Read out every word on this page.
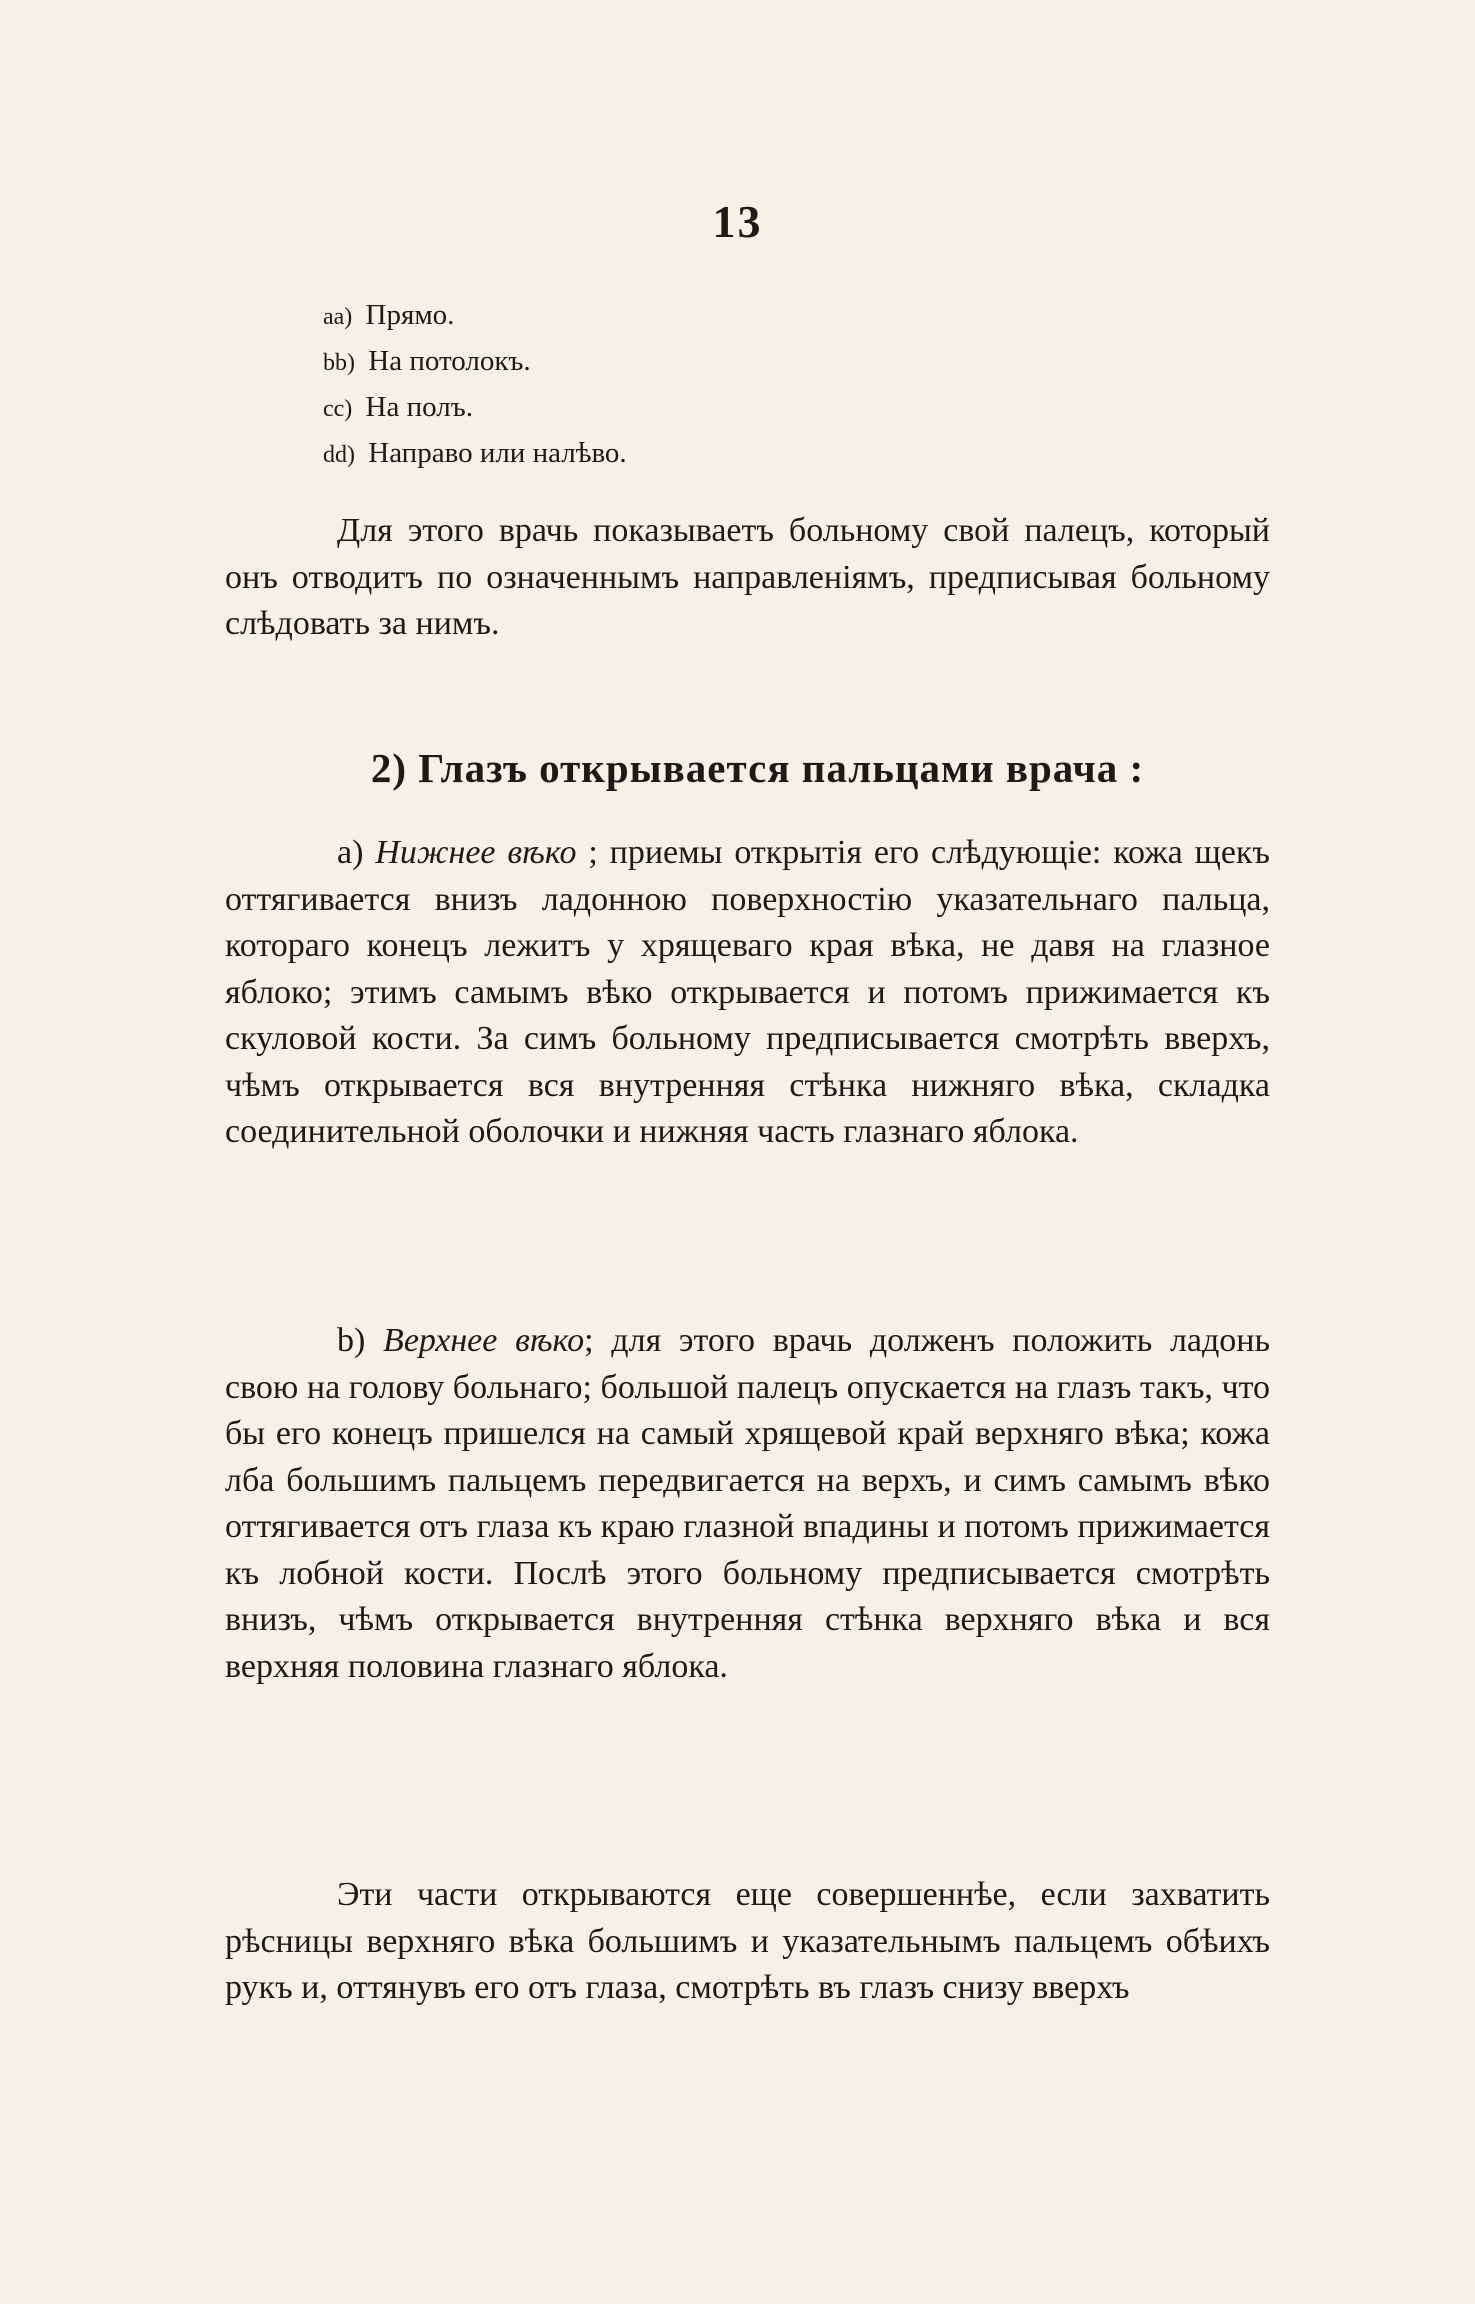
13
aa) Прямо.
bb) На потолокъ.
cc) На полъ.
dd) Направо или налѣво.

Для этого врачь показываетъ больному свой палецъ, который онъ отводитъ по означеннымъ направленiямъ, предписывая больному слѣдовать за нимъ.

2) Глазъ открывается пальцами врача :

а) Нижнее вѣко ; приемы открытiя его слѣдующiе: кожа щекъ оттягивается внизъ ладонною поверхностiю указательнаго пальца, котораго конецъ лежитъ у хрящеваго края вѣка, не давя на глазное яблоко; этимъ самымъ вѣко открывается и потомъ прижимается къ скуловой кости. За симъ больному предписывается смотрѣть вверхъ, чѣмъ открывается вся внутренняя стѣнка нижняго вѣка, складка соединительной оболочки и нижняя часть глазнаго яблока.

b) Верхнее вѣко; для этого врачь долженъ положить ладонь свою на голову больнаго; большой палецъ опускается на глазъ такъ, что бы его конецъ пришелся на самый хрящевой край верхняго вѣка; кожа лба большимъ пальцемъ передвигается на верхъ, и симъ самымъ вѣко оттягивается отъ глаза къ краю глазной впадины и потомъ прижимается къ лобной кости. Послѣ этого больному предписывается смотрѣть внизъ, чѣмъ открывается внутренняя стѣнка верхняго вѣка и вся верхняя половина глазнаго яблока.

Эти части открываются еще совершеннѣе, если захватить рѣсницы верхняго вѣка большимъ и указательнымъ пальцемъ обѣихъ рукъ и, оттянувъ его отъ глаза, смотрѣть въ глазъ снизу вверхъ
